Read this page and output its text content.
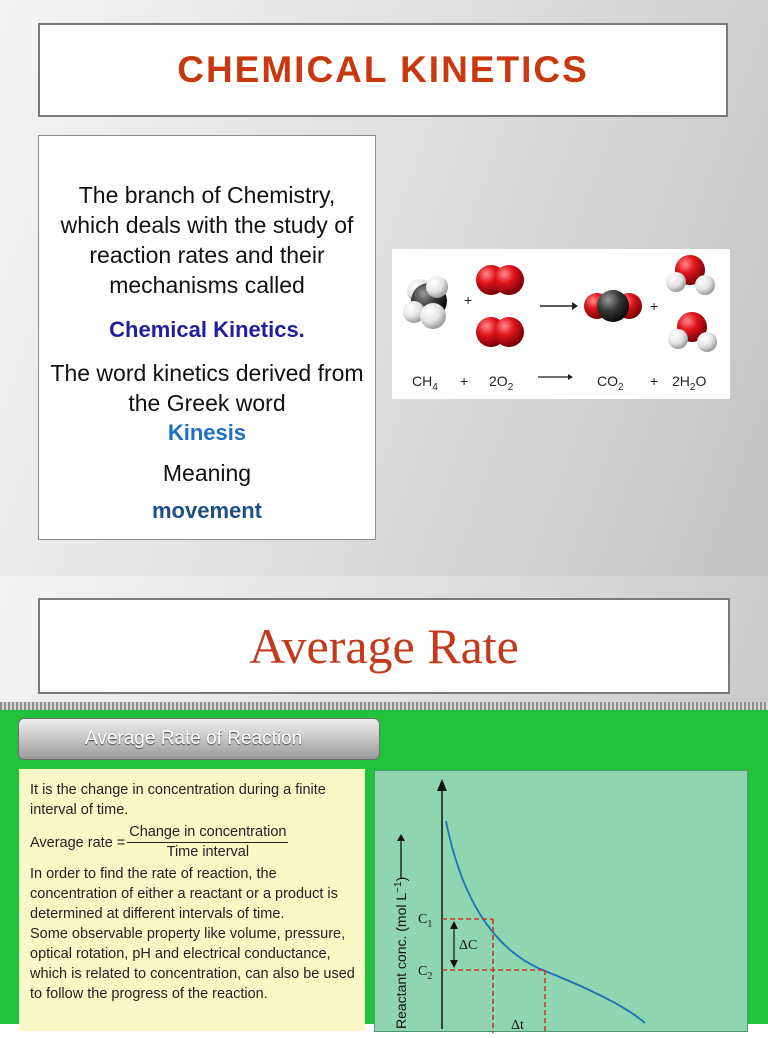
CHEMICAL KINETICS

The branch of Chemistry, which deals with the study of reaction rates and their mechanisms called

Chemical Kinetics.

The word kinetics derived from the Greek word

Kinesis
Meaning
movement
+	+
$CH_4 + 2O_2$	$CO_2 + 2H_2O$
Average Rate
Average Rate of Reaction

It is the change in concentration during a finite interval of time.

Average rate = $\frac{\text{Change in concentration}}{\text{Time interval}}$

In order to find the rate of reaction, the concentration of either a reactant or a product is determined at different intervals of time.

Some observable property like volume, pressure, optical rotation, pH and electrical conductance, which is related to concentration, can also be used to follow the progress of the reaction.	Reactant conc. (mol $L^{-1}$)
$C_1$
$C_2$
ΔC
Δt
